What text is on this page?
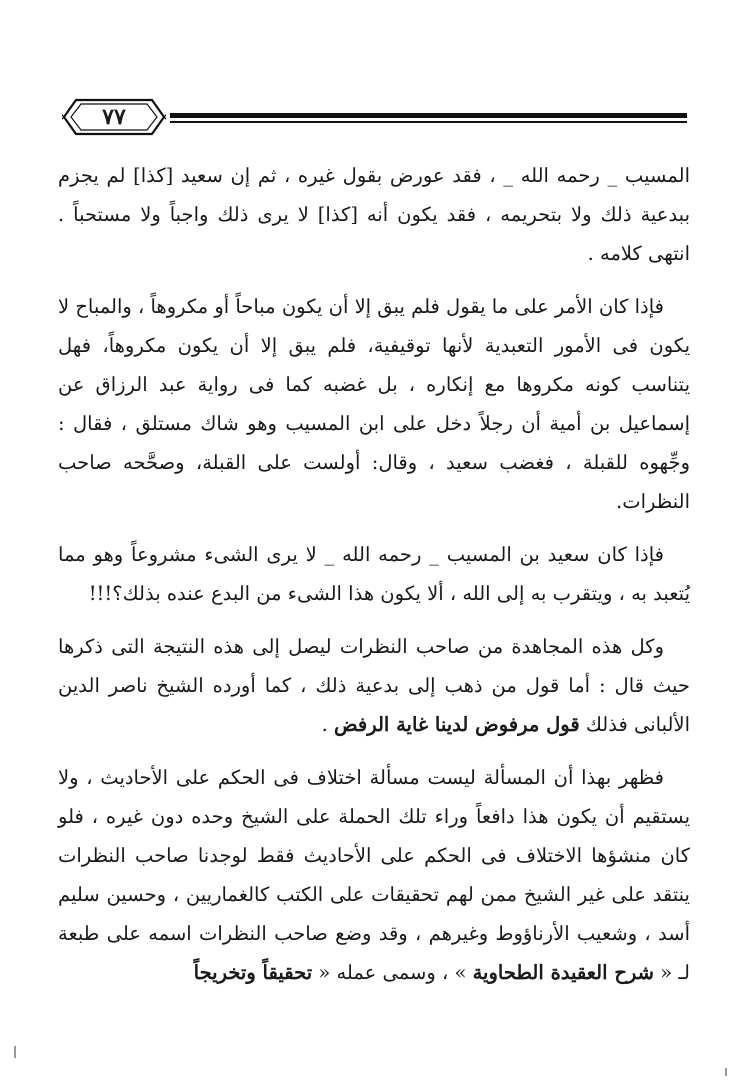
٧٧

المسيب _ رحمه الله _ ، فقد عورض بقول غيره ، ثم إن سعيد [كذا] لم يجزم ببدعية ذلك ولا بتحريمه ، فقد يكون أنه [كذا] لا يرى ذلك واجباً ولا مستحباً . انتهى كلامه .

فإذا كان الأمر على ما يقول فلم يبق إلا أن يكون مباحاً أو مكروهاً ، والمباح لا يكون فى الأمور التعبدية لأنها توقيفية، فلم يبق إلا أن يكون مكروهاً، فهل يتناسب كونه مكروها مع إنكاره ، بل غضبه كما فى رواية عبد الرزاق عن إسماعيل بن أمية أن رجلاً دخل على ابن المسيب وهو شاك مستلق ، فقال : وجِّهوه للقبلة ، فغضب سعيد ، وقال: أولست على القبلة، وصحَّحه صاحب النظرات.

فإذا كان سعيد بن المسيب _ رحمه الله _ لا يرى الشىء مشروعاً وهو مما يُتعبد به ، ويتقرب به إلى الله ، ألا يكون هذا الشىء من البدع عنده بذلك؟!!!

وكل هذه المجاهدة من صاحب النظرات ليصل إلى هذه النتيجة التى ذكرها حيث قال : أما قول من ذهب إلى بدعية ذلك ، كما أورده الشيخ ناصر الدين الألبانى فذلك قول مرفوض لدينا غاية الرفض .

فظهر بهذا أن المسألة ليست مسألة اختلاف فى الحكم على الأحاديث ، ولا يستقيم أن يكون هذا دافعاً وراء تلك الحملة على الشيخ وحده دون غيره ، فلو كان منشؤها الاختلاف فى الحكم على الأحاديث فقط لوجدنا صاحب النظرات ينتقد على غير الشيخ ممن لهم تحقيقات على الكتب كالغماريين ، وحسين سليم أسد ، وشعيب الأرناؤوط وغيرهم ، وقد وضع صاحب النظرات اسمه على طبعة لـ « شرح العقيدة الطحاوية » ، وسمى عمله « تحقيقاً وتخريجاً
